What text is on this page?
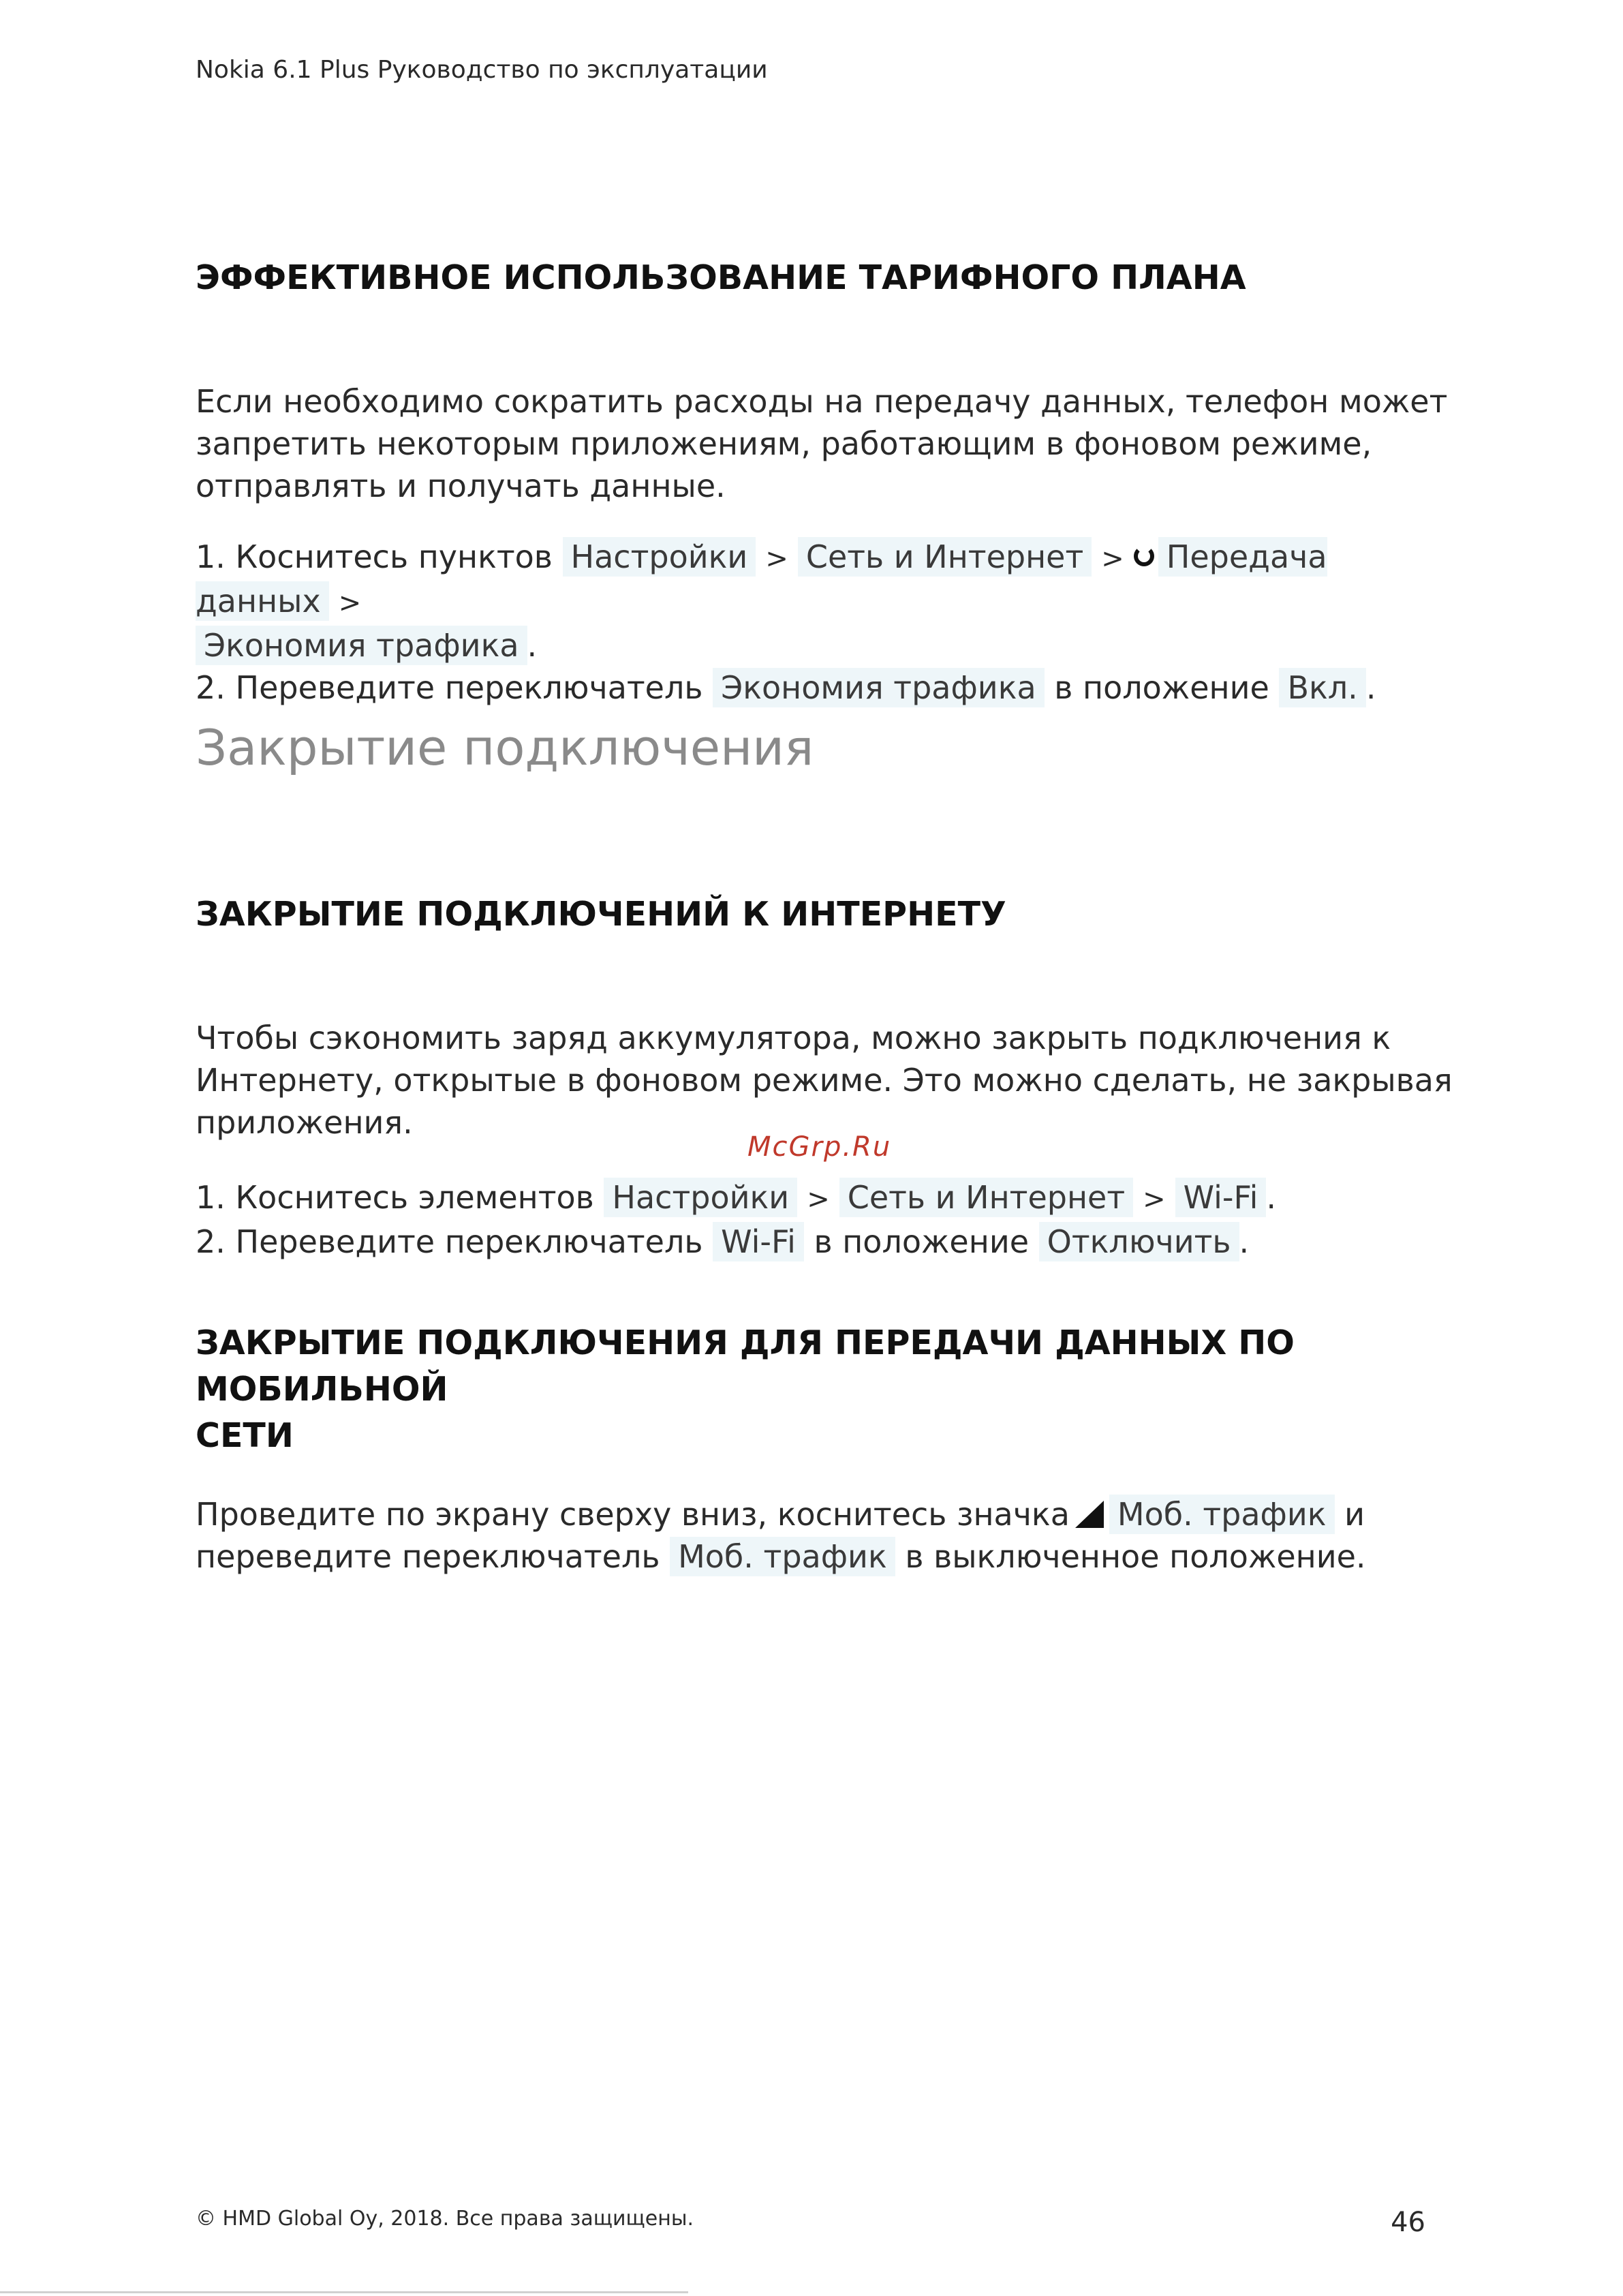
Nokia 6.1 Plus Руководство по эксплуатации
ЭФФЕКТИВНОЕ ИСПОЛЬЗОВАНИЕ ТАРИФНОГО ПЛАНА
Если необходимо сократить расходы на передачу данных, телефон может
запретить некоторым приложениям, работающим в фоновом режиме,
отправлять и получать данные.
1. Коснитесь пунктов Настройки > Сеть и Интернет > Передача данных >
Экономия трафика .
2. Переведите переключатель Экономия трафика в положение Вкл. .
Закрытие подключения
ЗАКРЫТИЕ ПОДКЛЮЧЕНИЙ К ИНТЕРНЕТУ
Чтобы сэкономить заряд аккумулятора, можно закрыть подключения к
Интернету, открытые в фоновом режиме. Это можно сделать, не закрывая
приложения.
McGrp.Ru
1. Коснитесь элементов Настройки > Сеть и Интернет > Wi-Fi .
2. Переведите переключатель Wi-Fi в положение Отключить .
ЗАКРЫТИЕ ПОДКЛЮЧЕНИЯ ДЛЯ ПЕРЕДАЧИ ДАННЫХ ПО МОБИЛЬНОЙ
СЕТИ
Проведите по экрану сверху вниз, коснитесь значка Моб. трафик и
переведите переключатель Моб. трафик в выключенное положение.
© HMD Global Oy, 2018. Все права защищены.	46
